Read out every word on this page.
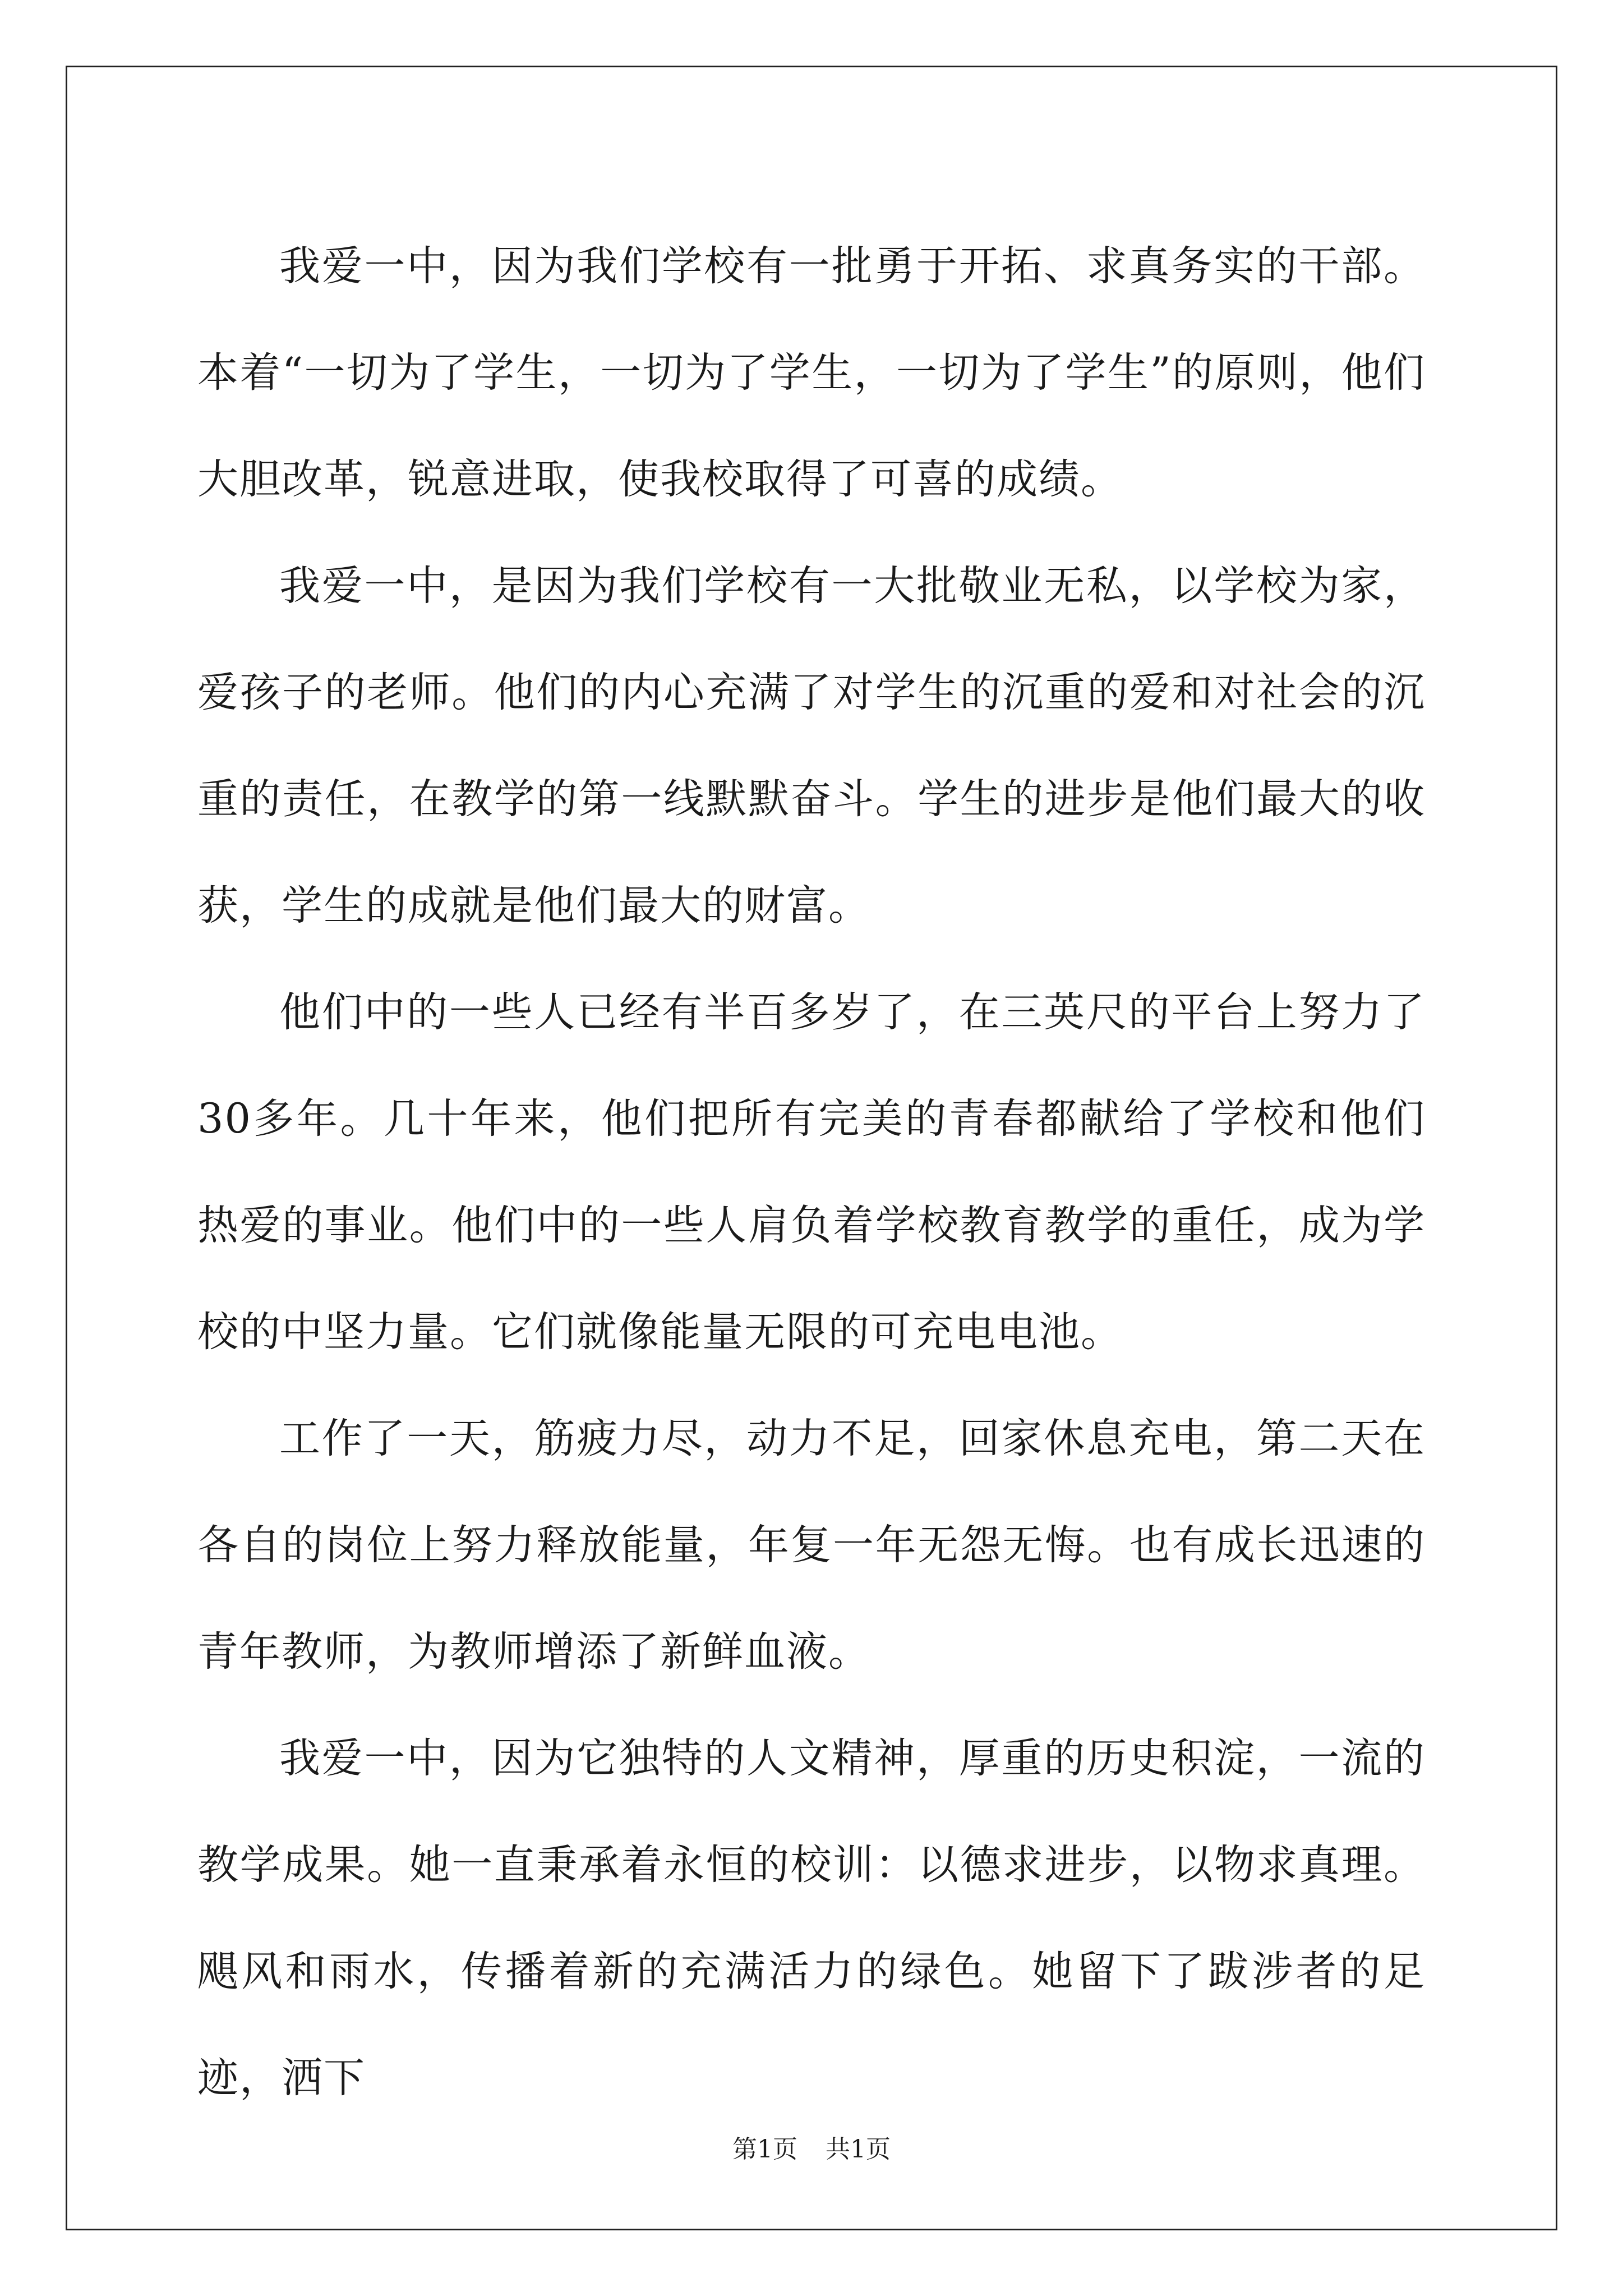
我爱一中，因为我们学校有一批勇于开拓、求真务实的干部。本着“一切为了学生，一切为了学生，一切为了学生”的原则，他们大胆改革，锐意进取，使我校取得了可喜的成绩。

我爱一中，是因为我们学校有一大批敬业无私，以学校为家，爱孩子的老师。他们的内心充满了对学生的沉重的爱和对社会的沉重的责任，在教学的第一线默默奋斗。学生的进步是他们最大的收获，学生的成就是他们最大的财富。

他们中的一些人已经有半百多岁了，在三英尺的平台上努力了30多年。几十年来，他们把所有完美的青春都献给了学校和他们热爱的事业。他们中的一些人肩负着学校教育教学的重任，成为学校的中坚力量。它们就像能量无限的可充电电池。

工作了一天，筋疲力尽，动力不足，回家休息充电，第二天在各自的岗位上努力释放能量，年复一年无怨无悔。也有成长迅速的青年教师，为教师增添了新鲜血液。

我爱一中，因为它独特的人文精神，厚重的历史积淀，一流的教学成果。她一直秉承着永恒的校训：以德求进步，以物求真理。飓风和雨水，传播着新的充满活力的绿色。她留下了跋涉者的足迹，洒下

第1页 共1页
